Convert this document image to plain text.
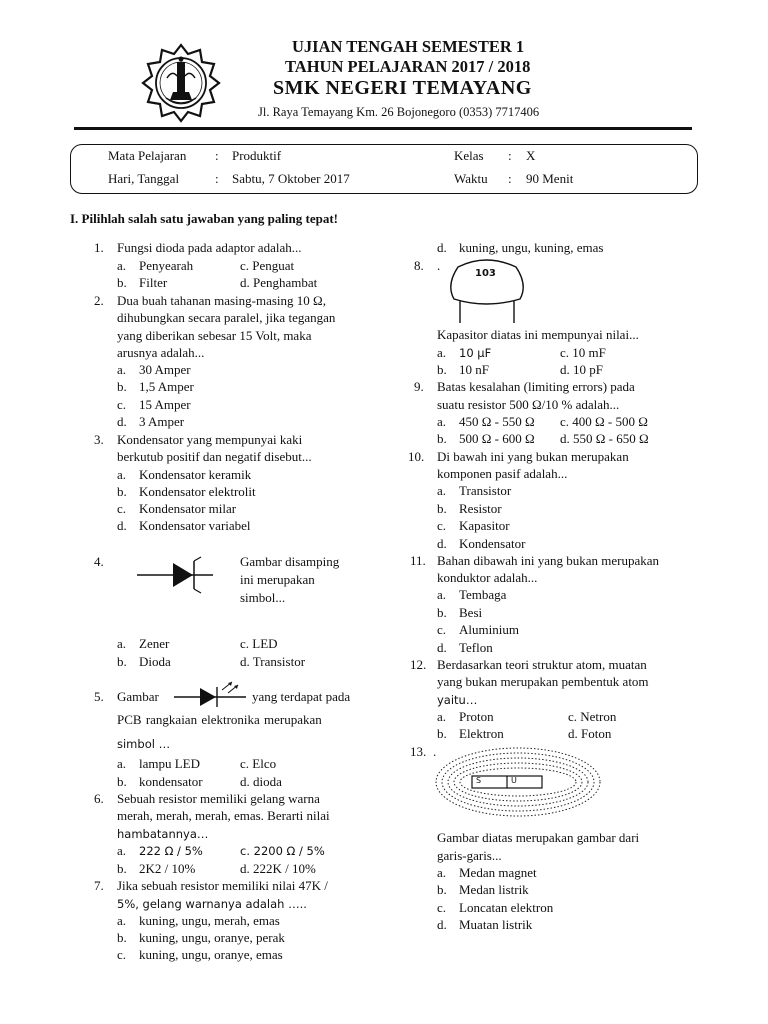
UJIAN TENGAH SEMESTER 1
TAHUN PELAJARAN 2017 / 2018
SMK NEGERI TEMAYANG
Jl. Raya Temayang Km. 26 Bojonegoro (0353) 7717406
Mata Pelajaran : Produktif	Kelas : X
Hari, Tanggal	: Sabtu, 7 Oktober 2017	Waktu : 90 Menit
I. Pilihlah salah satu jawaban yang paling tepat!
1. Fungsi dioda pada adaptor adalah...
a. Penyearah	c. Penguat
b. Filter	d. Penghambat
2. Dua buah tahanan masing-masing 10 Ω,
dihubungkan secara paralel, jika tegangan
yang diberikan sebesar 15 Volt, maka
arusnya adalah...
a. 30 Amper
b. 1,5 Amper
c. 15 Amper
d. 3 Amper
3. Kondensator yang mempunyai kaki
berkutub positif dan negatif disebut...
a. Kondensator keramik
b. Kondensator elektrolit
c. Kondensator milar
d. Kondensator variabel
4.	Gambar disamping
ini merupakan
simbol...
a. Zener	c. LED
b. Dioda	d. Transistor
5. Gambar	yang terdapat pada
PCB rangkaian elektronika merupakan
simbol …
a. lampu LED	c. Elco
b. kondensator	d. dioda
6. Sebuah resistor memiliki gelang warna
merah, merah, merah, emas. Berarti nilai
hambatannya…
a. 222 Ω / 5%	c. 2200 Ω / 5%
b. 2K2 / 10%	d. 222K / 10%
7. Jika sebuah resistor memiliki nilai 47K /
5%, gelang warnanya adalah …..
a. kuning, ungu, merah, emas
b. kuning, ungu, oranye, perak
c. kuning, ungu, oranye, emas
d. kuning, ungu, kuning, emas
8. .
103
Kapasitor diatas ini mempunyai nilai...
a. 10 μF	c. 10 mF
b. 10 nF	d. 10 pF
9. Batas kesalahan (limiting errors) pada
suatu resistor 500 Ω/10 % adalah...
a. 450 Ω - 550 Ω c. 400 Ω - 500 Ω
b. 500 Ω - 600 Ω d. 550 Ω - 650 Ω
10. Di bawah ini yang bukan merupakan
komponen pasif adalah...
a. Transistor
b. Resistor
c. Kapasitor
d. Kondensator
11. Bahan dibawah ini yang bukan merupakan
konduktor adalah...
a. Tembaga
b. Besi
c. Aluminium
d. Teflon
12. Berdasarkan teori struktur atom, muatan
yang bukan merupakan pembentuk atom
yaitu…
a. Proton	c. Netron
b. Elektron	d. Foton
13. .
S	U
Gambar diatas merupakan gambar dari
garis-garis...
a. Medan magnet
b. Medan listrik
c. Loncatan elektron
d. Muatan listrik
